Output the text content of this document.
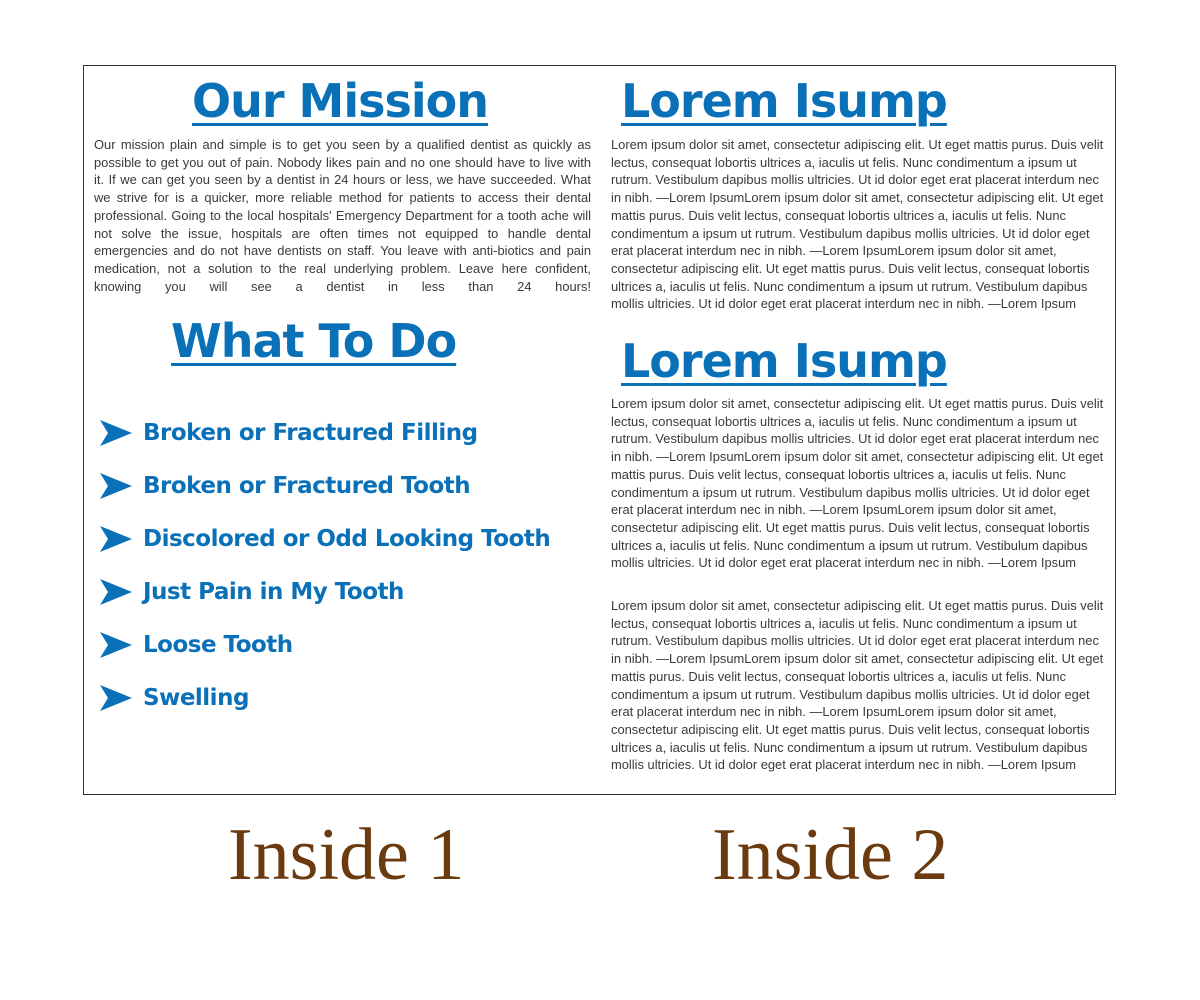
Our Mission

Our mission plain and simple is to get you seen by a qualified dentist as quickly as possible to get you out of pain. Nobody likes pain and no one should have to live with it. If we can get you seen by a dentist in 24 hours or less, we have succeeded. What we strive for is a quicker, more reliable method for patients to access their dental professional. Going to the local hospitals' Emergency Department for a tooth ache will not solve the issue, hospitals are often times not equipped to handle dental emergencies and do not have dentists on staff. You leave with anti-biotics and pain medication, not a solution to the real underlying problem. Leave here confident, knowing you will see a dentist in less than 24 hours!

What To Do
Broken or Fractured Filling
Broken or Fractured Tooth
Discolored or Odd Looking Tooth
Just Pain in My Tooth
Loose Tooth
Swelling
Lorem Isump

Lorem ipsum dolor sit amet, consectetur adipiscing elit. Ut eget mattis purus. Duis velit lectus, consequat lobortis ultrices a, iaculis ut felis. Nunc condimentum a ipsum ut rutrum. Vestibulum dapibus mollis ultricies. Ut id dolor eget erat placerat interdum nec in nibh. —Lorem IpsumLorem ipsum dolor sit amet, consectetur adipiscing elit. Ut eget mattis purus. Duis velit lectus, consequat lobortis ultrices a, iaculis ut felis. Nunc condimentum a ipsum ut rutrum. Vestibulum dapibus mollis ultricies. Ut id dolor eget erat placerat interdum nec in nibh. —Lorem IpsumLorem ipsum dolor sit amet, consectetur adipiscing elit. Ut eget mattis purus. Duis velit lectus, consequat lobortis ultrices a, iaculis ut felis. Nunc condimentum a ipsum ut rutrum. Vestibulum dapibus mollis ultricies. Ut id dolor eget erat placerat interdum nec in nibh. —Lorem Ipsum

Lorem Isump

Lorem ipsum dolor sit amet, consectetur adipiscing elit. Ut eget mattis purus. Duis velit lectus, consequat lobortis ultrices a, iaculis ut felis. Nunc condimentum a ipsum ut rutrum. Vestibulum dapibus mollis ultricies. Ut id dolor eget erat placerat interdum nec in nibh. —Lorem IpsumLorem ipsum dolor sit amet, consectetur adipiscing elit. Ut eget mattis purus. Duis velit lectus, consequat lobortis ultrices a, iaculis ut felis. Nunc condimentum a ipsum ut rutrum. Vestibulum dapibus mollis ultricies. Ut id dolor eget erat placerat interdum nec in nibh. —Lorem IpsumLorem ipsum dolor sit amet, consectetur adipiscing elit. Ut eget mattis purus. Duis velit lectus, consequat lobortis ultrices a, iaculis ut felis. Nunc condimentum a ipsum ut rutrum. Vestibulum dapibus mollis ultricies. Ut id dolor eget erat placerat interdum nec in nibh. —Lorem Ipsum

Lorem ipsum dolor sit amet, consectetur adipiscing elit. Ut eget mattis purus. Duis velit lectus, consequat lobortis ultrices a, iaculis ut felis. Nunc condimentum a ipsum ut rutrum. Vestibulum dapibus mollis ultricies. Ut id dolor eget erat placerat interdum nec in nibh. —Lorem IpsumLorem ipsum dolor sit amet, consectetur adipiscing elit. Ut eget mattis purus. Duis velit lectus, consequat lobortis ultrices a, iaculis ut felis. Nunc condimentum a ipsum ut rutrum. Vestibulum dapibus mollis ultricies. Ut id dolor eget erat placerat interdum nec in nibh. —Lorem IpsumLorem ipsum dolor sit amet, consectetur adipiscing elit. Ut eget mattis purus. Duis velit lectus, consequat lobortis ultrices a, iaculis ut felis. Nunc condimentum a ipsum ut rutrum. Vestibulum dapibus mollis ultricies. Ut id dolor eget erat placerat interdum nec in nibh. —Lorem Ipsum

Inside 1	Inside 2
